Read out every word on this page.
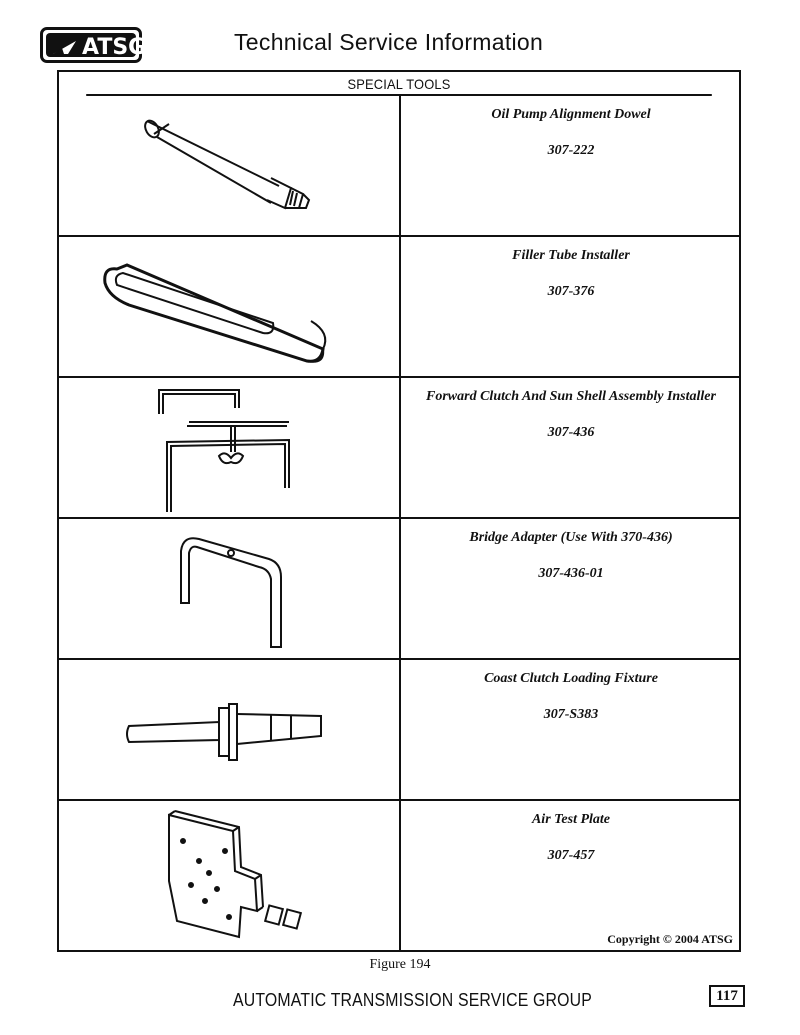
ATSG	Technical Service Information
SPECIAL TOOLS
Oil Pump Alignment Dowel
307-222
Filler Tube Installer
307-376
Forward Clutch And Sun Shell Assembly Installer
307-436
Bridge Adapter (Use With 370-436)
307-436-01
Coast Clutch Loading Fixture
307-S383
Air Test Plate
307-457
Copyright © 2004 ATSG
Figure 194
AUTOMATIC TRANSMISSION SERVICE GROUP	117
